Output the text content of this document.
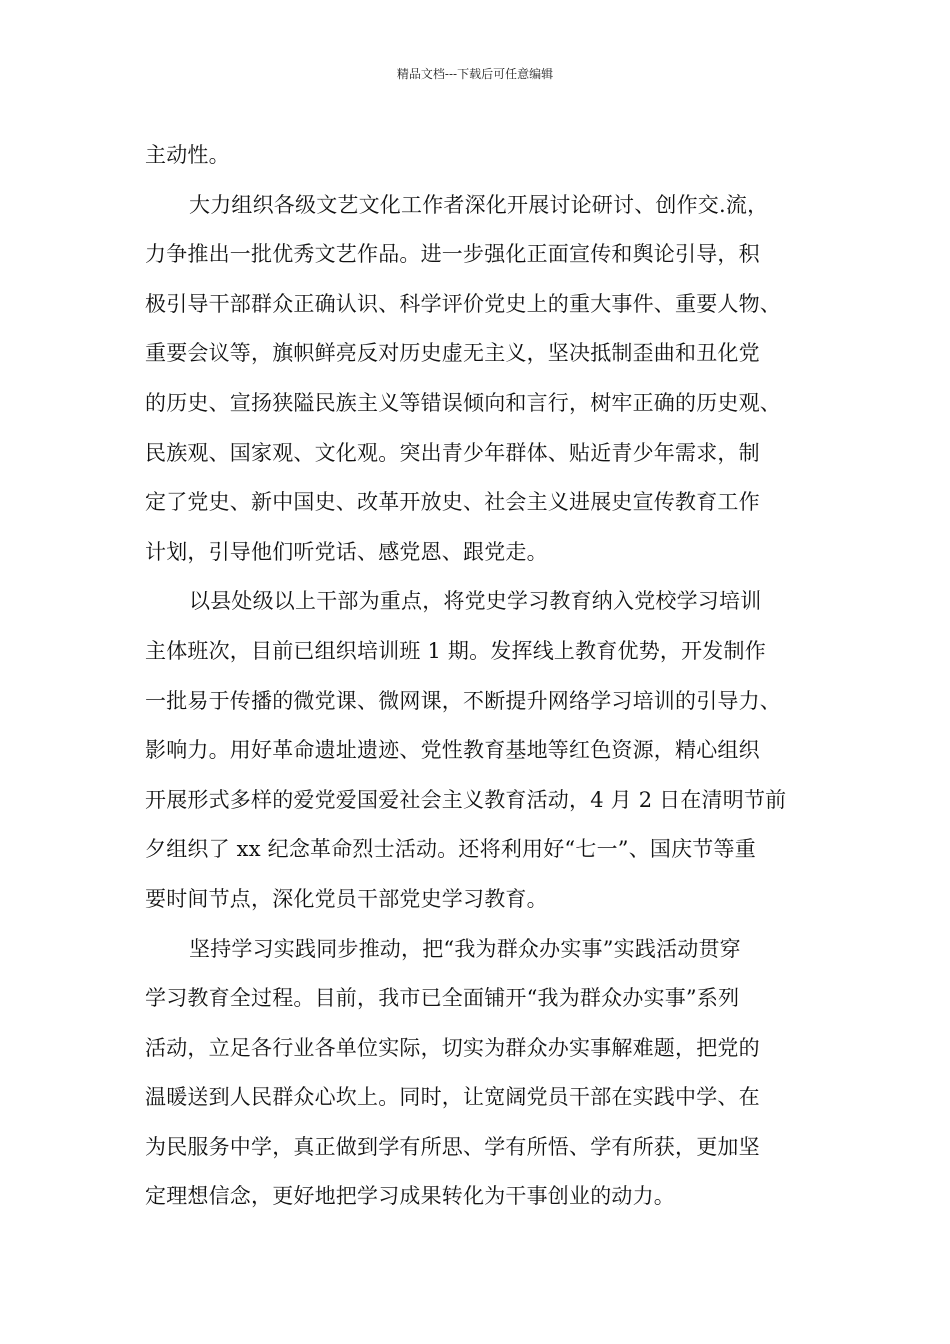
精品文档---下载后可任意编辑
主动性。
大力组织各级文艺文化工作者深化开展讨论研讨、创作交.流，
力争推出一批优秀文艺作品。进一步强化正面宣传和舆论引导，积
极引导干部群众正确认识、科学评价党史上的重大事件、重要人物、
重要会议等，旗帜鲜亮反对历史虚无主义，坚决抵制歪曲和丑化党
的历史、宣扬狭隘民族主义等错误倾向和言行，树牢正确的历史观、
民族观、国家观、文化观。突出青少年群体、贴近青少年需求，制
定了党史、新中国史、改革开放史、社会主义进展史宣传教育工作
计划，引导他们听党话、感党恩、跟党走。
以县处级以上干部为重点，将党史学习教育纳入党校学习培训
主体班次，目前已组织培训班 1 期。发挥线上教育优势，开发制作
一批易于传播的微党课、微网课，不断提升网络学习培训的引导力、
影响力。用好革命遗址遗迹、党性教育基地等红色资源，精心组织
开展形式多样的爱党爱国爱社会主义教育活动，4 月 2 日在清明节前
夕组织了 xx 纪念革命烈士活动。还将利用好“七一”、国庆节等重
要时间节点，深化党员干部党史学习教育。
坚持学习实践同步推动，把“我为群众办实事”实践活动贯穿
学习教育全过程。目前，我市已全面铺开“我为群众办实事”系列
活动，立足各行业各单位实际，切实为群众办实事解难题，把党的
温暖送到人民群众心坎上。同时，让宽阔党员干部在实践中学、在
为民服务中学，真正做到学有所思、学有所悟、学有所获，更加坚
定理想信念，更好地把学习成果转化为干事创业的动力。
